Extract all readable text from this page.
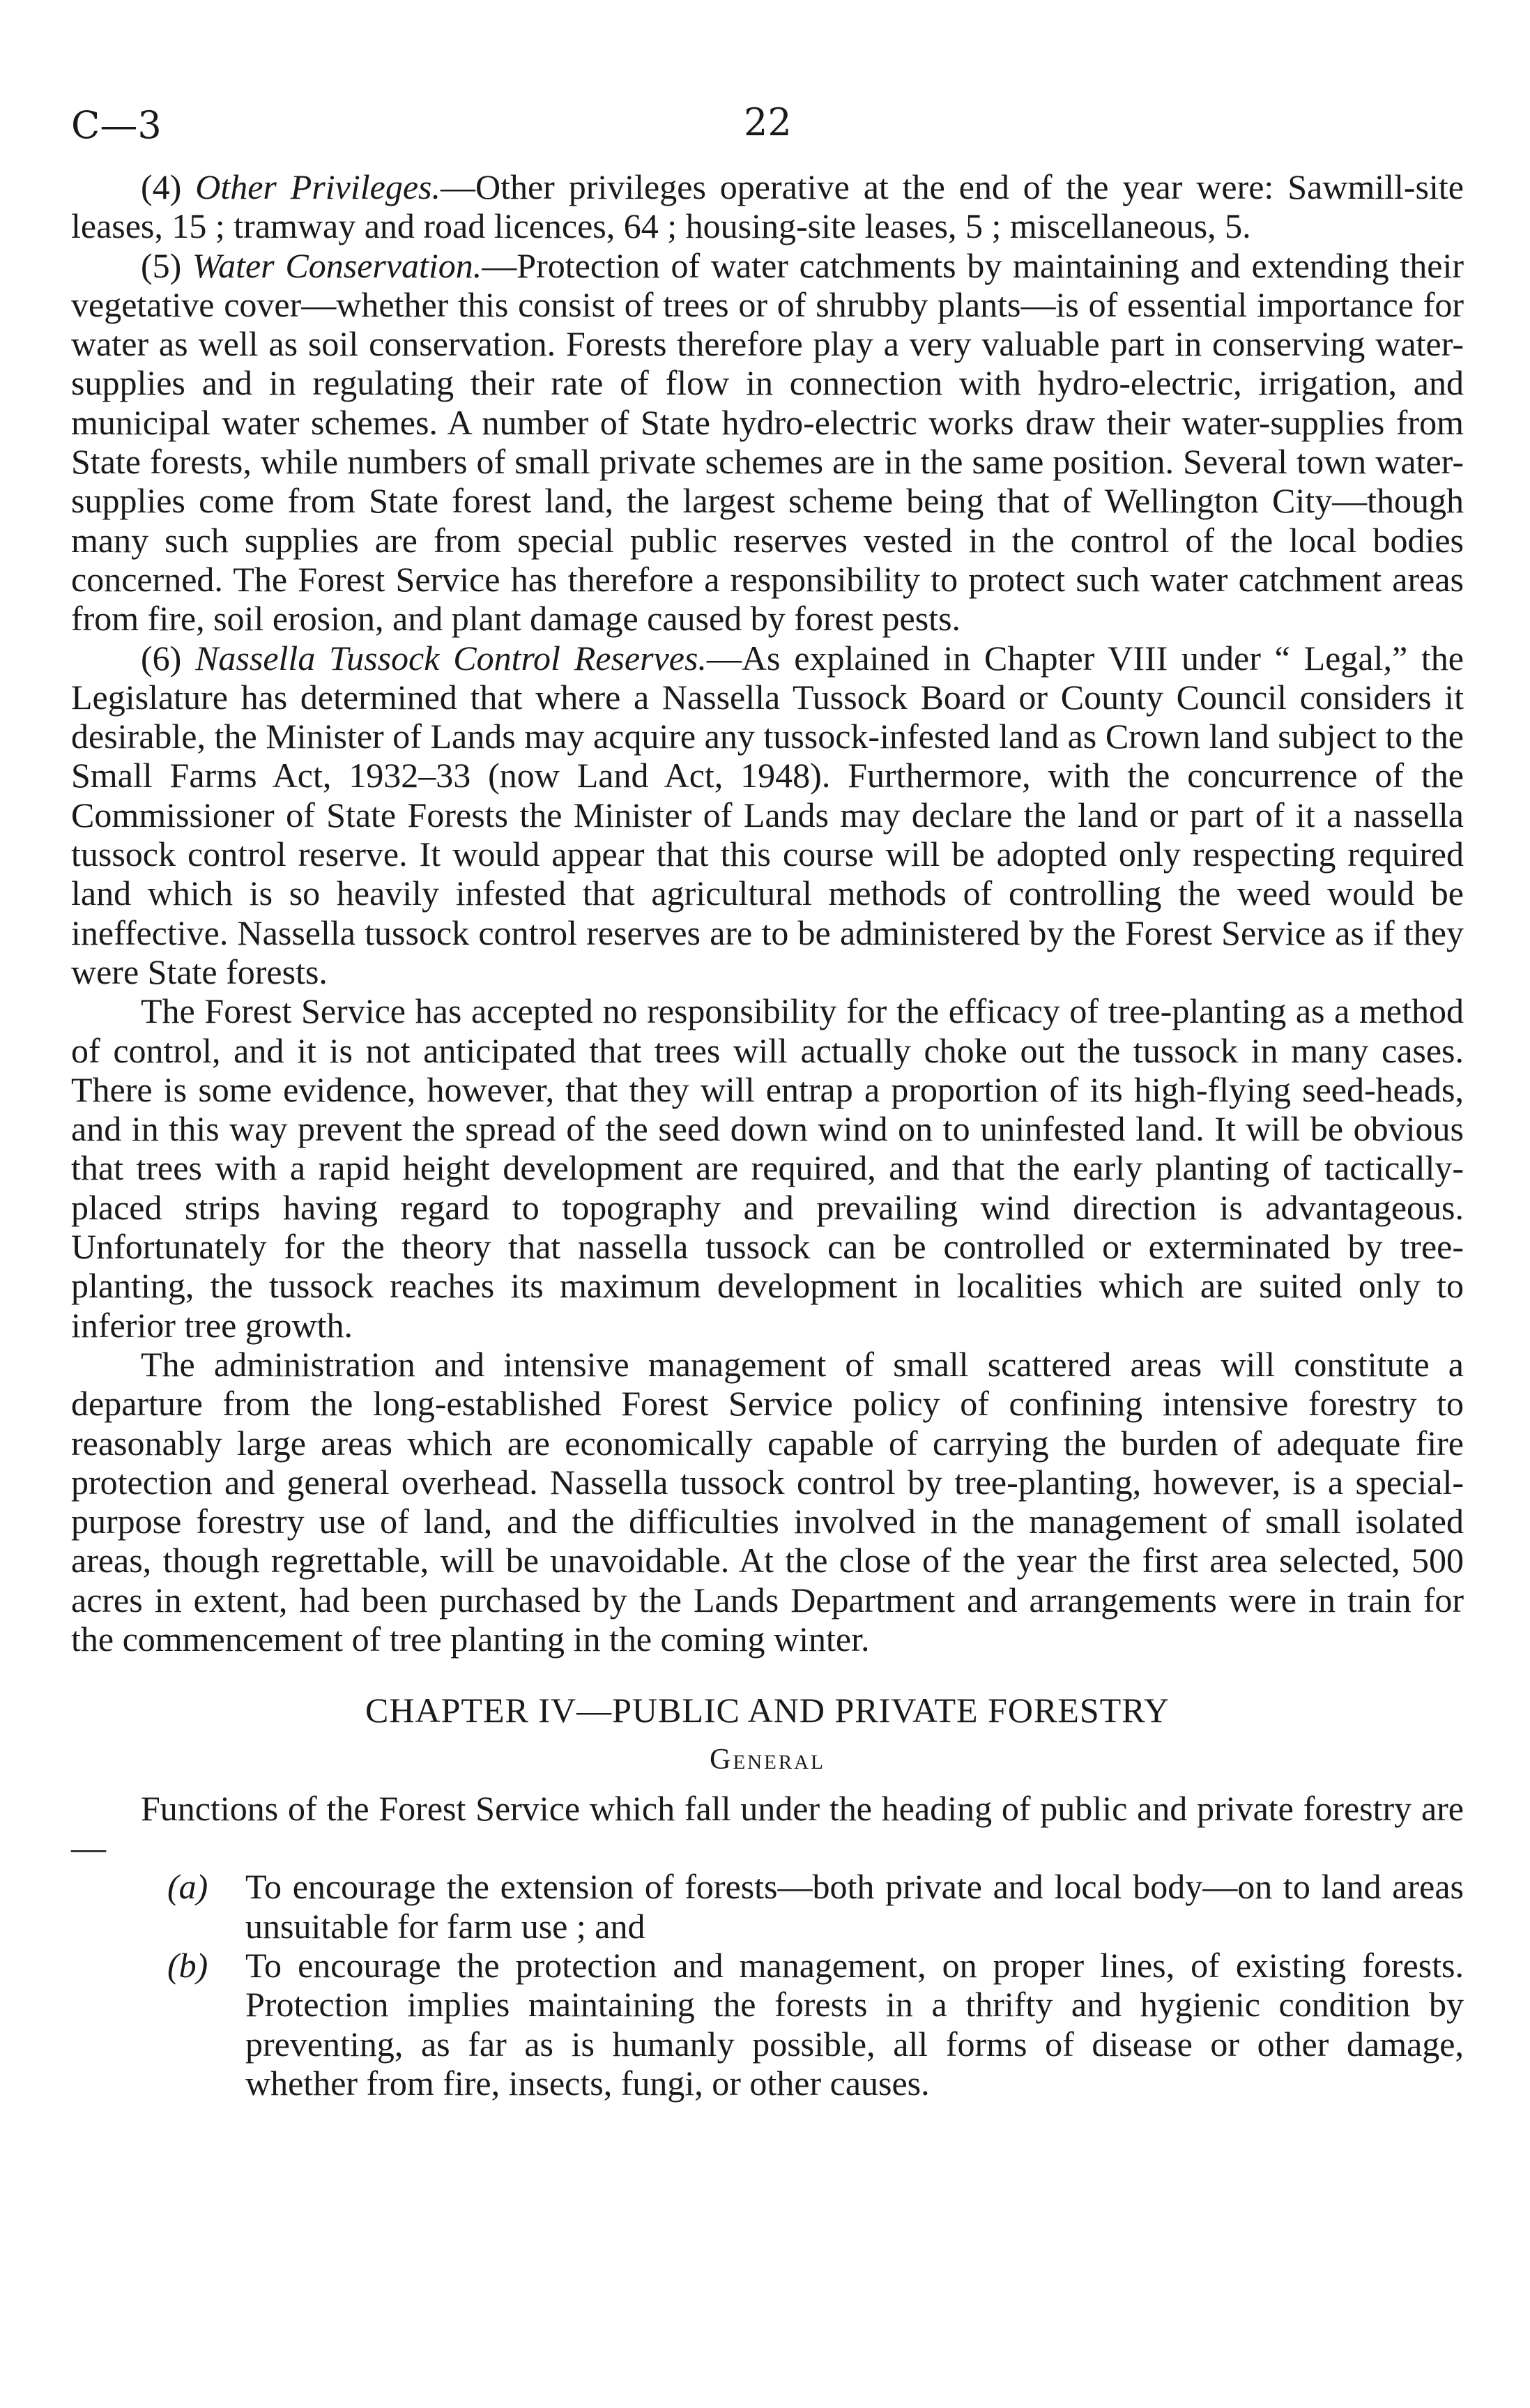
C—3	22

(4) Other Privileges.—Other privileges operative at the end of the year were: Sawmill-site leases, 15 ; tramway and road licences, 64 ; housing-site leases, 5 ; miscellaneous, 5.

(5) Water Conservation.—Protection of water catchments by maintaining and extending their vegetative cover—whether this consist of trees or of shrubby plants—is of essential importance for water as well as soil conservation. Forests therefore play a very valuable part in conserving water-supplies and in regulating their rate of flow in connection with hydro-electric, irrigation, and municipal water schemes. A number of State hydro-electric works draw their water-supplies from State forests, while numbers of small private schemes are in the same position. Several town water-supplies come from State forest land, the largest scheme being that of Wellington City—though many such supplies are from special public reserves vested in the control of the local bodies concerned. The Forest Service has therefore a responsibility to protect such water catchment areas from fire, soil erosion, and plant damage caused by forest pests.

(6) Nassella Tussock Control Reserves.—As explained in Chapter VIII under “ Legal,” the Legislature has determined that where a Nassella Tussock Board or County Council considers it desirable, the Minister of Lands may acquire any tussock-infested land as Crown land subject to the Small Farms Act, 1932–33 (now Land Act, 1948). Furthermore, with the concurrence of the Commissioner of State Forests the Minister of Lands may declare the land or part of it a nassella tussock control reserve. It would appear that this course will be adopted only respecting required land which is so heavily infested that agricultural methods of controlling the weed would be ineffective. Nassella tussock control reserves are to be administered by the Forest Service as if they were State forests.

The Forest Service has accepted no responsibility for the efficacy of tree-planting as a method of control, and it is not anticipated that trees will actually choke out the tussock in many cases. There is some evidence, however, that they will entrap a proportion of its high-flying seed-heads, and in this way prevent the spread of the seed down wind on to uninfested land. It will be obvious that trees with a rapid height development are required, and that the early planting of tactically-placed strips having regard to topography and prevailing wind direction is advantageous. Unfortunately for the theory that nassella tussock can be controlled or exterminated by tree-planting, the tussock reaches its maximum development in localities which are suited only to inferior tree growth.

The administration and intensive management of small scattered areas will constitute a departure from the long-established Forest Service policy of confining intensive forestry to reasonably large areas which are economically capable of carrying the burden of adequate fire protection and general overhead. Nassella tussock control by tree-planting, however, is a special-purpose forestry use of land, and the difficulties involved in the management of small isolated areas, though regrettable, will be unavoidable. At the close of the year the first area selected, 500 acres in extent, had been purchased by the Lands Department and arrangements were in train for the commencement of tree planting in the coming winter.

CHAPTER IV—PUBLIC AND PRIVATE FORESTRY
General

Functions of the Forest Service which fall under the heading of public and private forestry are—

(a) To encourage the extension of forests—both private and local body—on to land areas unsuitable for farm use ; and
(b) To encourage the protection and management, on proper lines, of existing forests. Protection implies maintaining the forests in a thrifty and hygienic condition by preventing, as far as is humanly possible, all forms of disease or other damage, whether from fire, insects, fungi, or other causes.
